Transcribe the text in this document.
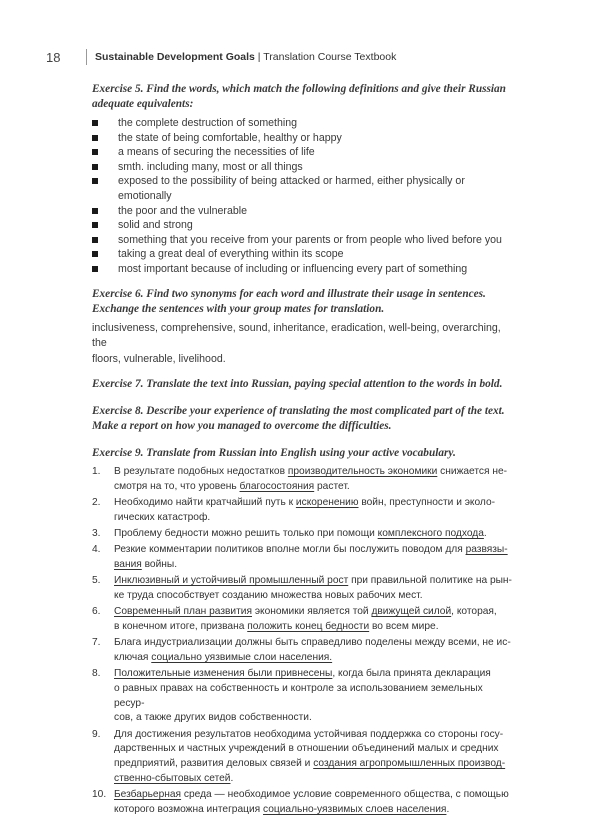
18	Sustainable Development Goals | Translation Course Textbook
Exercise 5. Find the words, which match the following definitions and give their Russian
adequate equivalents:
the complete destruction of something
the state of being comfortable, healthy or happy
a means of securing the necessities of life
smth. including many, most or all things
exposed to the possibility of being attacked or harmed, either physically or emotionally
the poor and the vulnerable
solid and strong
something that you receive from your parents or from people who lived before you
taking a great deal of everything within its scope
most important because of including or influencing every part of something
Exercise 6. Find two synonyms for each word and illustrate their usage in sentences.
Exchange the sentences with your group mates for translation.
inclusiveness, comprehensive, sound, inheritance, eradication, well-being, overarching, the
floors, vulnerable, livelihood.
Exercise 7. Translate the text into Russian, paying special attention to the words in bold.
Exercise 8. Describe your experience of translating the most complicated part of the text.
Make a report on how you managed to overcome the difficulties.
Exercise 9. Translate from Russian into English using your active vocabulary.
1.	В результате подобных недостатков производительность экономики снижается не-
смотря на то, что уровень благосостояния растет.
2.	Необходимо найти кратчайший путь к искоренению войн, преступности и эколо-
гических катастроф.
3.	Проблему бедности можно решить только при помощи комплексного подхода.
4.	Резкие комментарии политиков вполне могли бы послужить поводом для развязы-
вания войны.
5.	Инклюзивный и устойчивый промышленный рост при правильной политике на рын-
ке труда способствует созданию множества новых рабочих мест.
6.	Современный план развития экономики является той движущей силой, которая,
в конечном итоге, призвана положить конец бедности во всем мире.
7.	Блага индустриализации должны быть справедливо поделены между всеми, не ис-
ключая социально уязвимые слои населения.
8.	Положительные изменения были привнесены, когда была принята декларация
о равных правах на собственность и контроле за использованием земельных ресур-
сов, а также других видов собственности.
9.	Для достижения результатов необходима устойчивая поддержка со стороны госу-
дарственных и частных учреждений в отношении объединений малых и средних
предприятий, развития деловых связей и создания агропромышленных производ-
ственно-сбытовых сетей.
10. Безбарьерная среда — необходимое условие современного общества, с помощью
которого возможна интеграция социально-уязвимых слоев населения.
